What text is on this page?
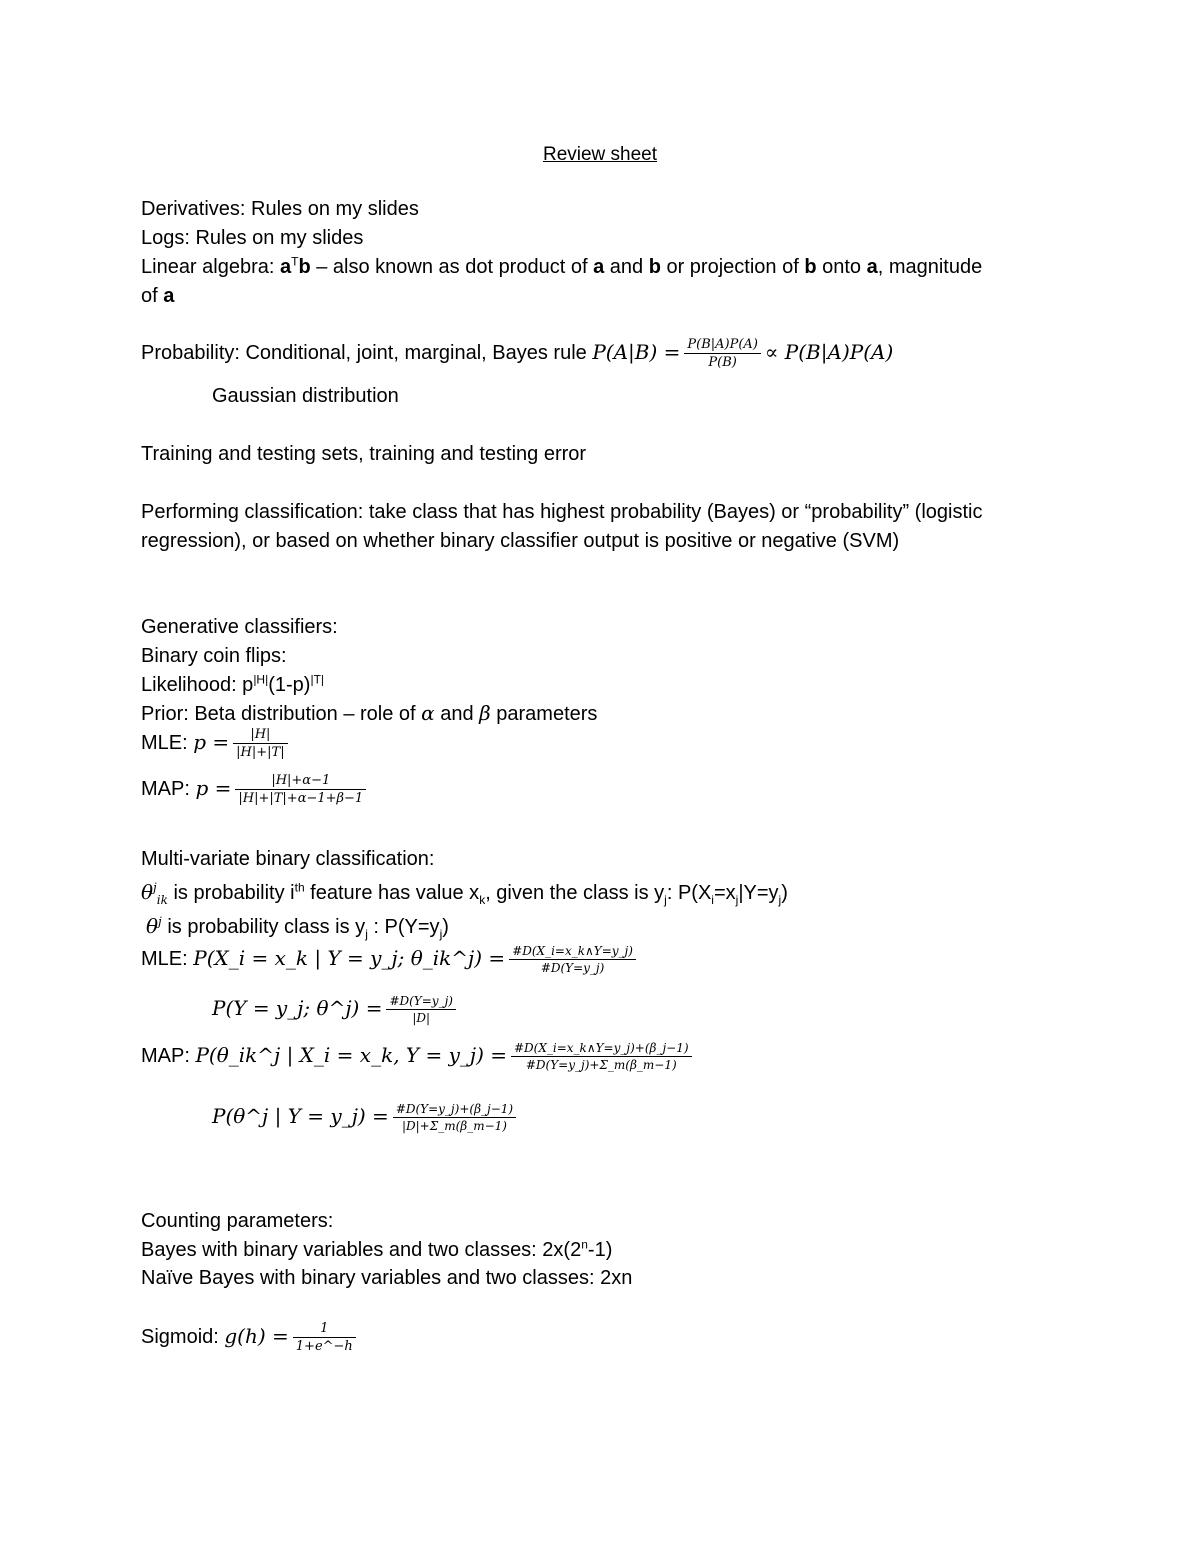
Review sheet
Derivatives: Rules on my slides
Logs: Rules on my slides
Linear algebra: $a^Tb$ – also known as dot product of a and b or projection of b onto a, magnitude
of a
Probability: Conditional, joint, marginal, Bayes rule $P(A|B) = \frac{P(B|A)P(A)}{P(B)} \propto P(B|A)P(A)$
Gaussian distribution
Training and testing sets, training and testing error
Performing classification: take class that has highest probability (Bayes) or “probability” (logistic
regression), or based on whether binary classifier output is positive or negative (SVM)
Generative classifiers:
Binary coin flips:
Likelihood: $p^{|H|}(1-p)^{|T|}$
Prior: Beta distribution – role of α and β parameters
MLE: $p = \frac{|H|}{|H|+|T|}$
MAP: $p = \frac{|H|+\alpha-1}{|H|+|T|+\alpha-1+\beta-1}$
Multi-variate binary classification:
$\theta^j_{ik}$ is probability $i^{th}$ feature has value $x_k$, given the class is $y_j$: $P(X_i=x_j|Y=y_j)$
$\theta^j$ is probability class is $y_j$ : $P(Y=y_j)$
MLE: P(X_i = x_k | Y = y_j; θ_ik^j) = $\frac{\#D(X\_i=x\_k\wedge Y=y\_j)}{\#D(Y=y\_j)}$
P(Y = y_j; θ^j) = $\frac{\#D(Y=y\_j)}{|D|}$
MAP: P(θ_ik^j | X_i = x_k, Y = y_j) = $\frac{\#D(X\_i=x\_k\wedge Y=y\_j)+(\beta\_j-1)}{\#D(Y=y\_j)+\Sigma\_m(\beta\_m-1)}$
P(θ^j | Y = y_j) = $\frac{\#D(Y=y\_j)+(\beta\_j-1)}{|D|+\Sigma\_m(\beta\_m-1)}$
Counting parameters:
Bayes with binary variables and two classes: 2x(2$^n$-1)
Naïve Bayes with binary variables and two classes: 2xn
Sigmoid: $g(h) = \frac{1}{1+e\^{}-h}$
